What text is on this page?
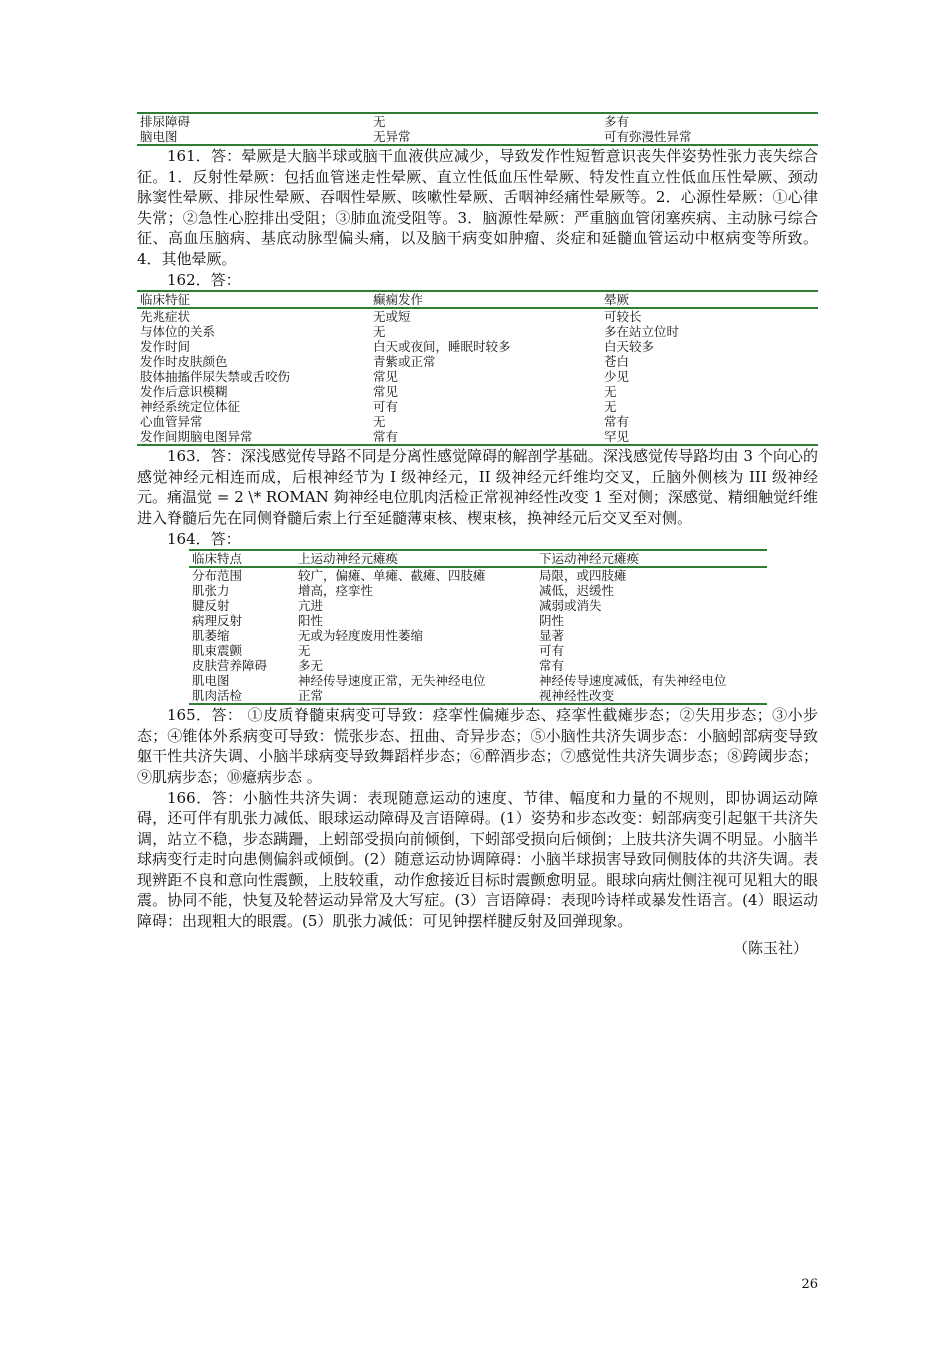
排尿障碍	无	多有
脑电图	无异常	可有弥漫性异常

161．答：晕厥是大脑半球或脑干血液供应减少，导致发作性短暂意识丧失伴姿势性张力丧失综合征。1．反射性晕厥：包括血管迷走性晕厥、直立性低血压性晕厥、特发性直立性低血压性晕厥、颈动脉窦性晕厥、排尿性晕厥、吞咽性晕厥、咳嗽性晕厥、舌咽神经痛性晕厥等。2．心源性晕厥：①心律失常；②急性心腔排出受阻；③肺血流受阻等。3．脑源性晕厥：严重脑血管闭塞疾病、主动脉弓综合征、高血压脑病、基底动脉型偏头痛，以及脑干病变如肿瘤、炎症和延髓血管运动中枢病变等所致。4．其他晕厥。

162．答：

临床特征	癫痫发作	晕厥
先兆症状	无或短	可较长
与体位的关系	无	多在站立位时
发作时间	白天或夜间，睡眠时较多	白天较多
发作时皮肤颜色	青紫或正常	苍白
肢体抽搐伴尿失禁或舌咬伤	常见	少见
发作后意识模糊	常见	无
神经系统定位体征	可有	无
心血管异常	无	常有
发作间期脑电图异常	常有	罕见

163．答：深浅感觉传导路不同是分离性感觉障碍的解剖学基础。深浅感觉传导路均由 3 个向心的感觉神经元相连而成，后根神经节为 I 级神经元，II 级神经元纤维均交叉，丘脑外侧核为 III 级神经元。痛温觉 = 2 \* ROMAN 夠神经电位肌肉活检正常视神经性改变 1 至对侧；深感觉、精细触觉纤维进入脊髓后先在同侧脊髓后索上行至延髓薄束核、楔束核，换神经元后交叉至对侧。

164．答：

临床特点	上运动神经元瘫痪	下运动神经元瘫痪
分布范围	较广，偏瘫、单瘫、截瘫、四肢瘫	局限，或四肢瘫
肌张力	增高，痉挛性	减低，迟缓性
腱反射	亢进	减弱或消失
病理反射	阳性	阴性
肌萎缩	无或为轻度废用性萎缩	显著
肌束震颤	无	可有
皮肤营养障碍	多无	常有
肌电图	神经传导速度正常，无失神经电位	神经传导速度减低，有失神经电位
肌肉活检	正常	视神经性改变

165．答： ①皮质脊髓束病变可导致：痉挛性偏瘫步态、痉挛性截瘫步态；②失用步态；③小步态；④锥体外系病变可导致：慌张步态、扭曲、奇异步态；⑤小脑性共济失调步态：小脑蚓部病变导致躯干性共济失调、小脑半球病变导致舞蹈样步态；⑥醉酒步态；⑦感觉性共济失调步态；⑧跨阈步态；⑨肌病步态；⑩癔病步态 。

166．答：小脑性共济失调：表现随意运动的速度、节律、幅度和力量的不规则，即协调运动障碍，还可伴有肌张力减低、眼球运动障碍及言语障碍。(1）姿势和步态改变：蚓部病变引起躯干共济失调，站立不稳，步态蹒跚，上蚓部受损向前倾倒，下蚓部受损向后倾倒；上肢共济失调不明显。小脑半球病变行走时向患侧偏斜或倾倒。(2）随意运动协调障碍：小脑半球损害导致同侧肢体的共济失调。表现辨距不良和意向性震颤，上肢较重，动作愈接近目标时震颤愈明显。眼球向病灶侧注视可见粗大的眼震。协同不能，快复及轮替运动异常及大写症。(3）言语障碍：表现吟诗样或暴发性语言。(4）眼运动障碍：出现粗大的眼震。(5）肌张力减低：可见钟摆样腱反射及回弹现象。

（陈玉社）

26
